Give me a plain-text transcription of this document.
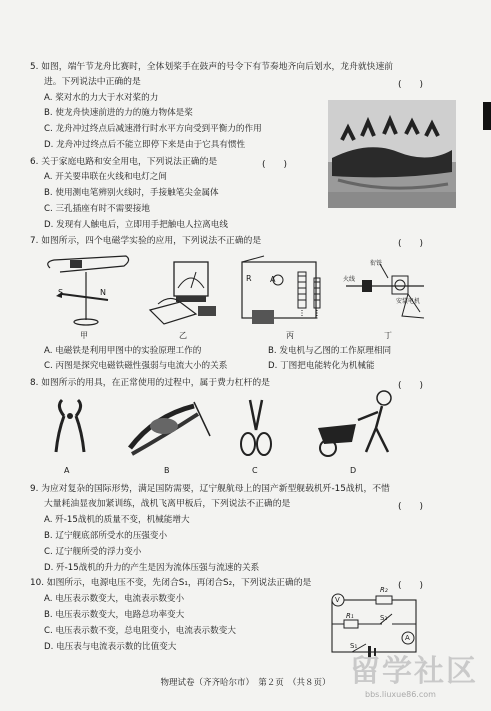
5. 如图，端午节龙舟比赛时，全体划桨手在鼓声的号令下有节奏地齐向后划水，龙舟就快速前
进。下列说法中正确的是	(　　)
A. 桨对水的力大于水对桨的力
B. 使龙舟快速前进的力的施力物体是桨
C. 龙舟冲过终点后减速滑行时水平方向受到平衡力的作用
D. 龙舟冲过终点后不能立即停下来是由于它具有惯性
6. 关于家庭电路和安全用电，下列说法正确的是	(　　)
A. 开关要串联在火线和电灯之间
B. 使用测电笔辨别火线时，手接触笔尖金属体
C. 三孔插座有时不需要接地
D. 发现有人触电后，立即用手把触电人拉离电线
7. 如图所示，四个电磁学实验的应用，下列说法不正确的是	(　　)
S	N
甲	乙
R A
丙
火线
衔铁
安装电机
丁
A. 电磁铁是利用甲图中的实验原理工作的	B. 发电机与乙图的工作原理相同
C. 丙图是探究电磁铁磁性强弱与电流大小的关系	D. 丁图把电能转化为机械能
8. 如图所示的用具，在正常使用的过程中，属于费力杠杆的是	(　　)
A	B	C	D
9. 为应对复杂的国际形势，满足国防需要，辽宁舰航母上的国产新型舰载机歼-15战机，不惜
大量耗油显夜加紧训练，战机飞离甲板后，下列说法不正确的是	(　　)
A. 歼-15战机的质量不变，机械能增大
B. 辽宁舰底部所受水的压强变小
C. 辽宁舰所受的浮力变小
D. 歼-15战机的升力的产生是因为流体压强与流速的关系
10. 如图所示，电源电压不变，先闭合S₁，再闭合S₂，下列说法正确的是	(　　)
A. 电压表示数变大，电流表示数变小
B. 电压表示数变大，电路总功率变大
C. 电压表示数不变，总电阻变小，电流表示数变大
D. 电压表与电流表示数的比值变大
V
R₂
R₁	S₂
A
S₁
物理试卷（齐齐哈尔市）　第２页　（共８页） 留学社区
bbs.liuxue86.com
